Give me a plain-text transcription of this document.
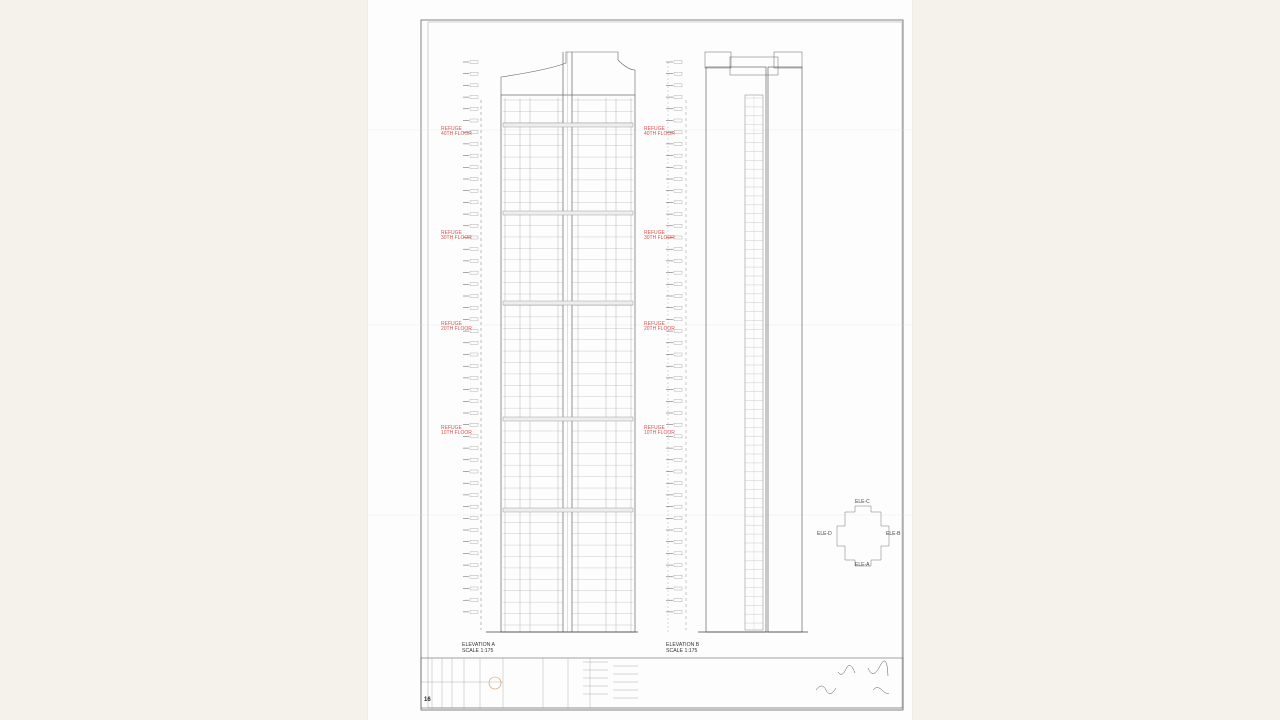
REFUGE
40TH FLOOR
REFUGE
30TH FLOOR
REFUGE
20TH FLOOR
REFUGE
10TH FLOOR
REFUGE
40TH FLOOR
REFUGE
30TH FLOOR
REFUGE
20TH FLOOR
REFUGE
10TH FLOOR
ELEVATION A
SCALE 1:175
ELEVATION B
SCALE 1:175
ELE-C
ELE-D	ELE-B
ELE-A
16
